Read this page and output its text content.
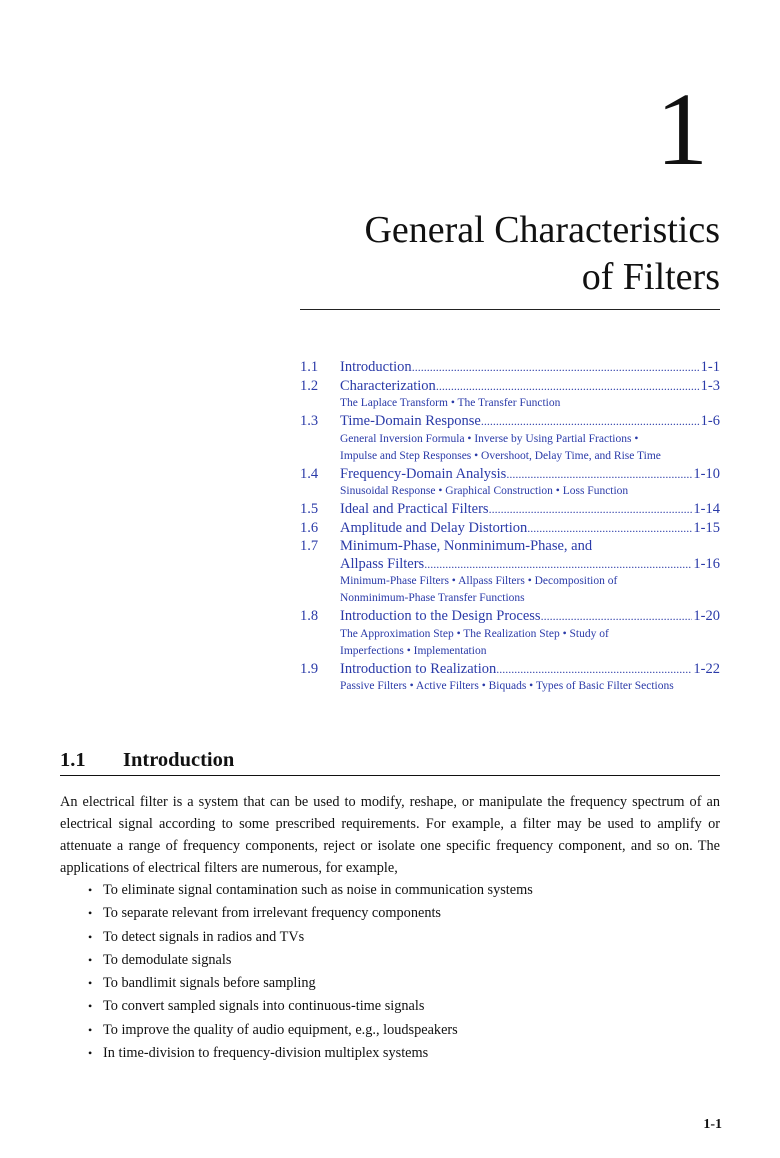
1
General Characteristics
of Filters
1.1	Introduction .....	1-1
1.2	Characterization .....	1-3
The Laplace Transform • The Transfer Function
1.3	Time-Domain Response .....	1-6
General Inversion Formula • Inverse by Using Partial Fractions • Impulse and Step Responses • Overshoot, Delay Time, and Rise Time
1.4	Frequency-Domain Analysis .....	1-10
Sinusoidal Response • Graphical Construction • Loss Function
1.5	Ideal and Practical Filters .....	1-14
1.6	Amplitude and Delay Distortion .....	1-15
1.7	Minimum-Phase, Nonminimum-Phase, and
Allpass Filters .....	1-16
Minimum-Phase Filters • Allpass Filters • Decomposition of Nonminimum-Phase Transfer Functions
1.8	Introduction to the Design Process .....	1-20
The Approximation Step • The Realization Step • Study of Imperfections • Implementation
1.9	Introduction to Realization .....	1-22
Passive Filters • Active Filters • Biquads • Types of Basic Filter Sections
1.1 Introduction

An electrical filter is a system that can be used to modify, reshape, or manipulate the frequency spectrum of an electrical signal according to some prescribed requirements. For example, a filter may be used to amplify or attenuate a range of frequency components, reject or isolate one specific frequency component, and so on. The applications of electrical filters are numerous, for example,

• To eliminate signal contamination such as noise in communication systems
• To separate relevant from irrelevant frequency components
• To detect signals in radios and TVs
• To demodulate signals
• To bandlimit signals before sampling
• To convert sampled signals into continuous-time signals
• To improve the quality of audio equipment, e.g., loudspeakers
• In time-division to frequency-division multiplex systems
1-1
